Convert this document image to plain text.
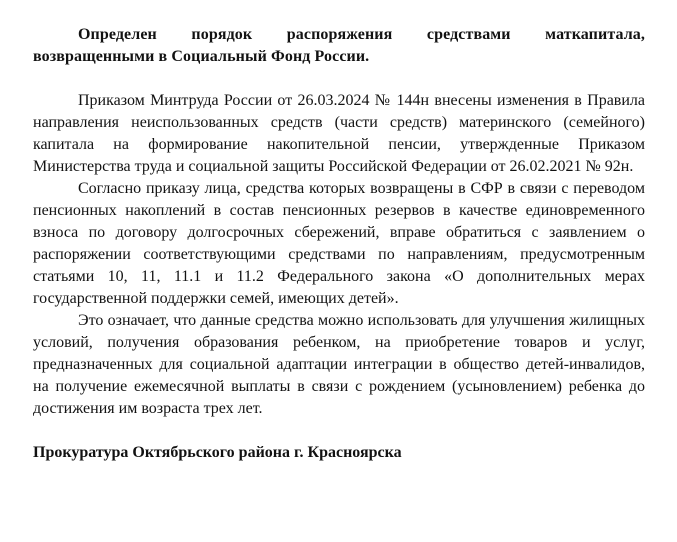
Определен порядок распоряжения средствами маткапитала, возвращенными в Социальный Фонд России.

Приказом Минтруда России от 26.03.2024 № 144н внесены изменения в Правила направления неиспользованных средств (части средств) материнского (семейного) капитала на формирование накопительной пенсии, утвержденные Приказом Министерства труда и социальной защиты Российской Федерации от 26.02.2021 № 92н.

Согласно приказу лица, средства которых возвращены в СФР в связи с переводом пенсионных накоплений в состав пенсионных резервов в качестве единовременного взноса по договору долгосрочных сбережений, вправе обратиться с заявлением о распоряжении соответствующими средствами по направлениям, предусмотренным статьями 10, 11, 11.1 и 11.2 Федерального закона «О дополнительных мерах государственной поддержки семей, имеющих детей».

Это означает, что данные средства можно использовать для улучшения жилищных условий, получения образования ребенком, на приобретение товаров и услуг, предназначенных для социальной адаптации интеграции в общество детей-инвалидов, на получение ежемесячной выплаты в связи с рождением (усыновлением) ребенка до достижения им возраста трех лет.

Прокуратура Октябрьского района г. Красноярска
